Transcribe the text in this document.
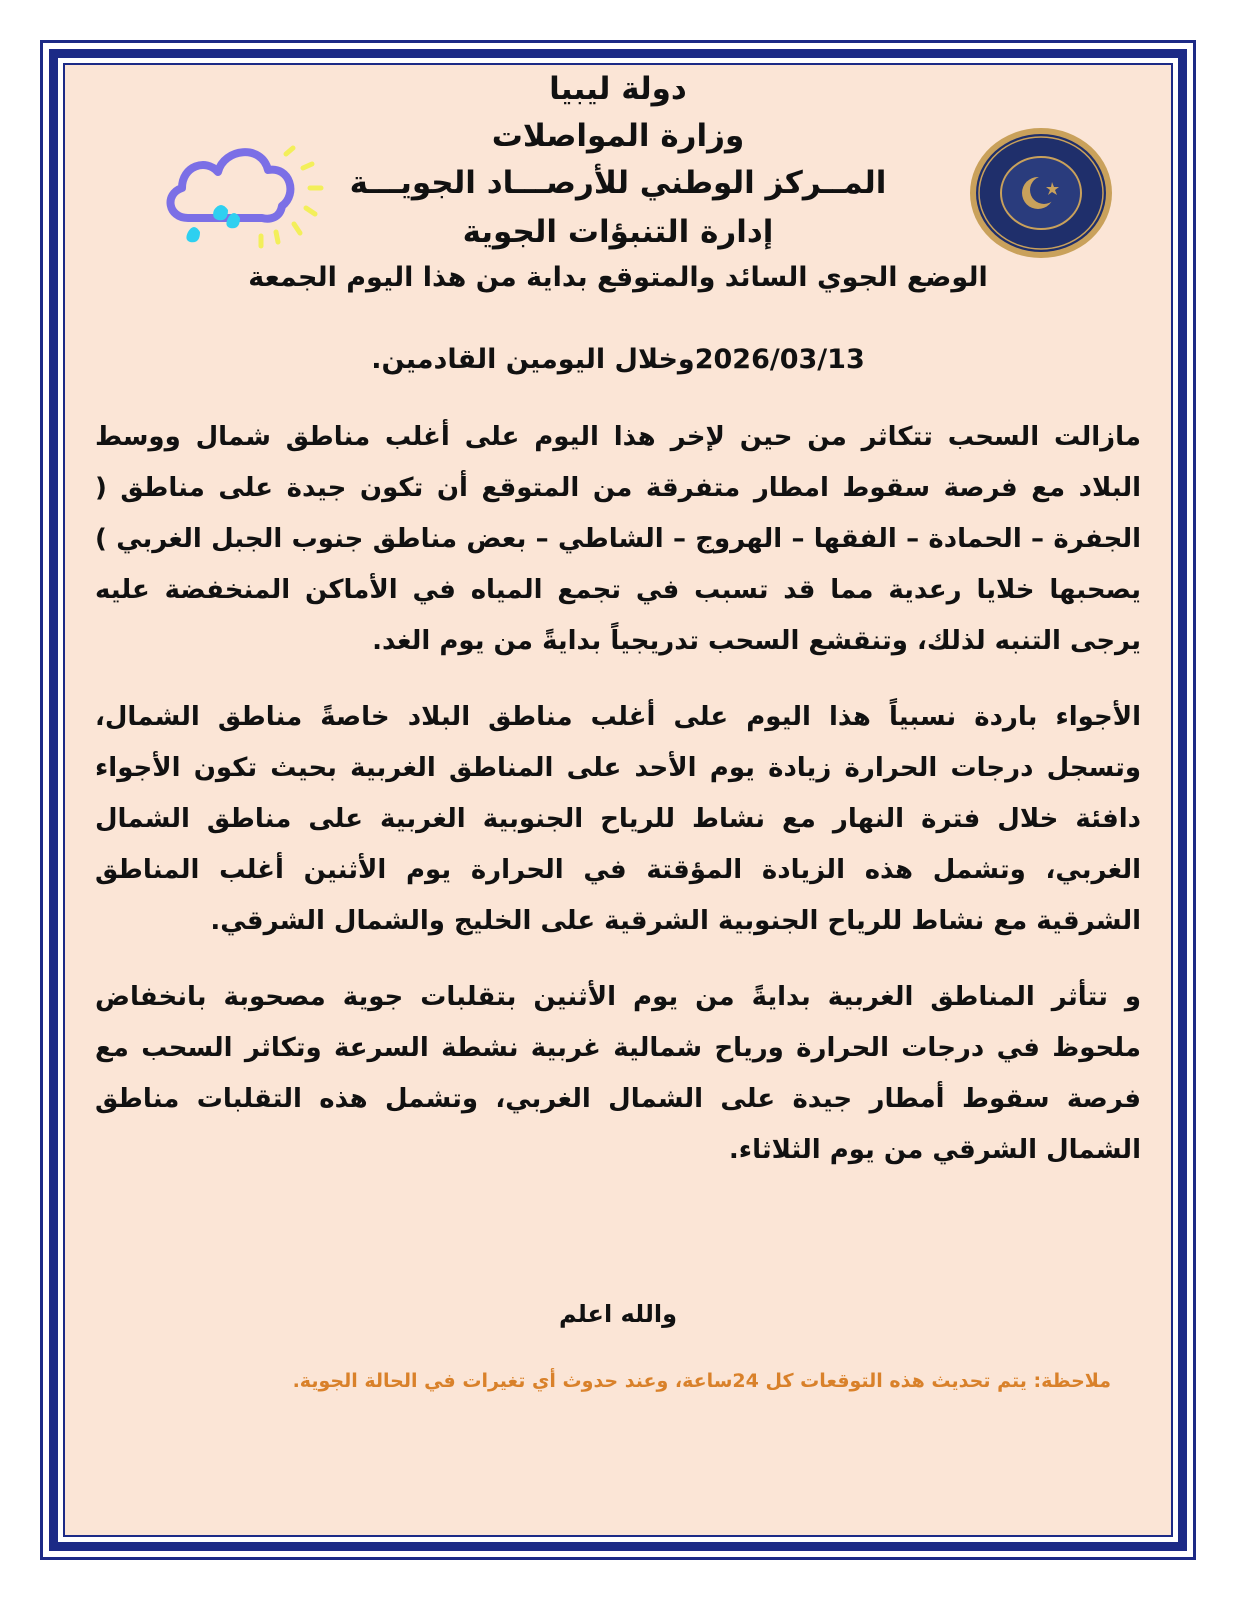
دولة ليبيا
وزارة المواصلات
المــركز الوطني للأرصـــاد الجويـــة
إدارة التنبؤات الجوية
الوضع الجوي السائد والمتوقع بداية من هذا اليوم الجمعة
2026/03/13وخلال اليومين القادمين.

مازالت السحب تتكاثر من حين لإخر هذا اليوم على أغلب مناطق شمال ووسط البلاد مع فرصة سقوط امطار متفرقة من المتوقع أن تكون جيدة على مناطق ( الجفرة – الحمادة – الفقها – الهروج – الشاطي – بعض مناطق جنوب الجبل الغربي ) يصحبها خلايا رعدية مما قد تسبب في تجمع المياه في الأماكن المنخفضة عليه يرجى التنبه لذلك، وتنقشع السحب تدريجياً بدايةً من يوم الغد.

الأجواء باردة نسبياً هذا اليوم على أغلب مناطق البلاد خاصةً مناطق الشمال، وتسجل درجات الحرارة زيادة يوم الأحد على المناطق الغربية بحيث تكون الأجواء دافئة خلال فترة النهار مع نشاط للرياح الجنوبية الغربية على مناطق الشمال الغربي، وتشمل هذه الزيادة المؤقتة في الحرارة يوم الأثنين أغلب المناطق الشرقية مع نشاط للرياح الجنوبية الشرقية على الخليج والشمال الشرقي.

و تتأثر المناطق الغربية بدايةً من يوم الأثنين بتقلبات جوية مصحوبة بانخفاض ملحوظ في درجات الحرارة ورياح شمالية غربية نشطة السرعة وتكاثر السحب مع فرصة سقوط أمطار جيدة على الشمال الغربي، وتشمل هذه التقلبات مناطق الشمال الشرقي من يوم الثلاثاء.

والله اعلم
ملاحظة: يتم تحديث هذه التوقعات كل 24ساعة، وعند حدوث أي تغيرات في الحالة الجوية.
